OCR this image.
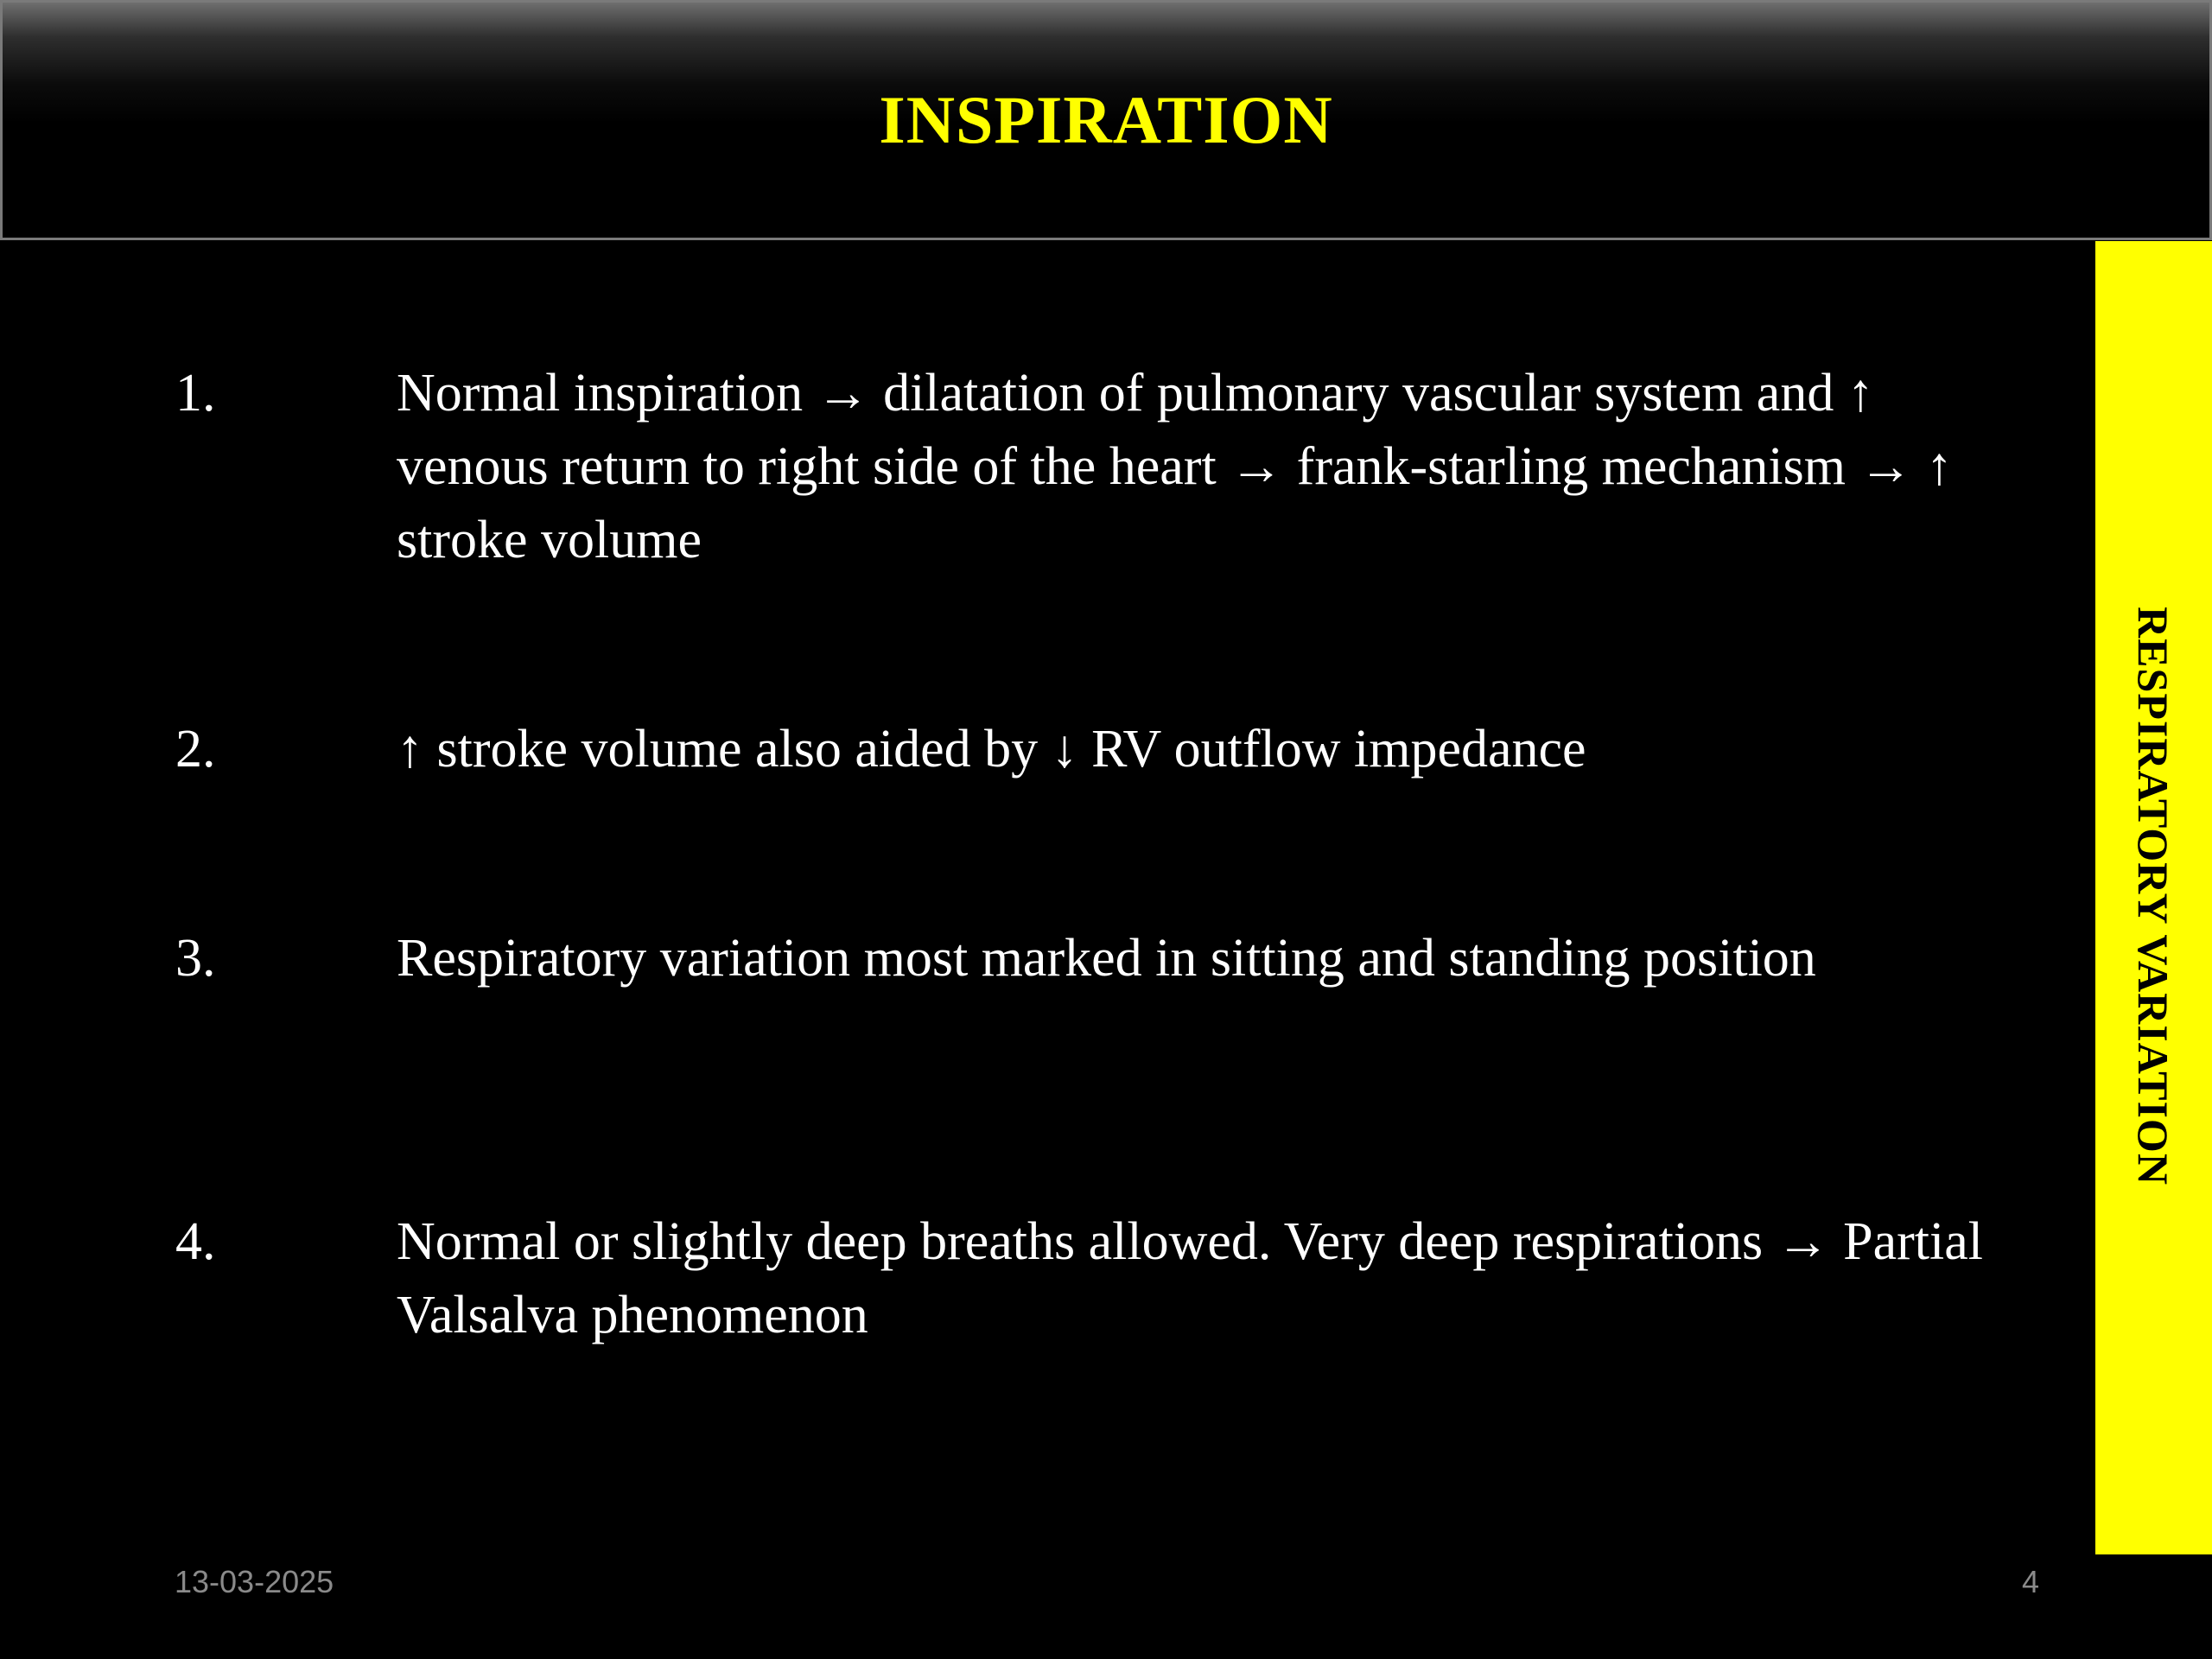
INSPIRATION
RESPIRATORY VARIATION
1.	Normal inspiration → dilatation of pulmonary vascular system and ↑ venous return to right side of the heart → frank-starling mechanism → ↑ stroke volume
2.	↑ stroke volume also aided by ↓ RV outflow impedance
3.	Respiratory variation most marked in sitting and standing position
4.	Normal or slightly deep breaths allowed. Very deep respirations → Partial Valsalva phenomenon
13-03-2025	4
